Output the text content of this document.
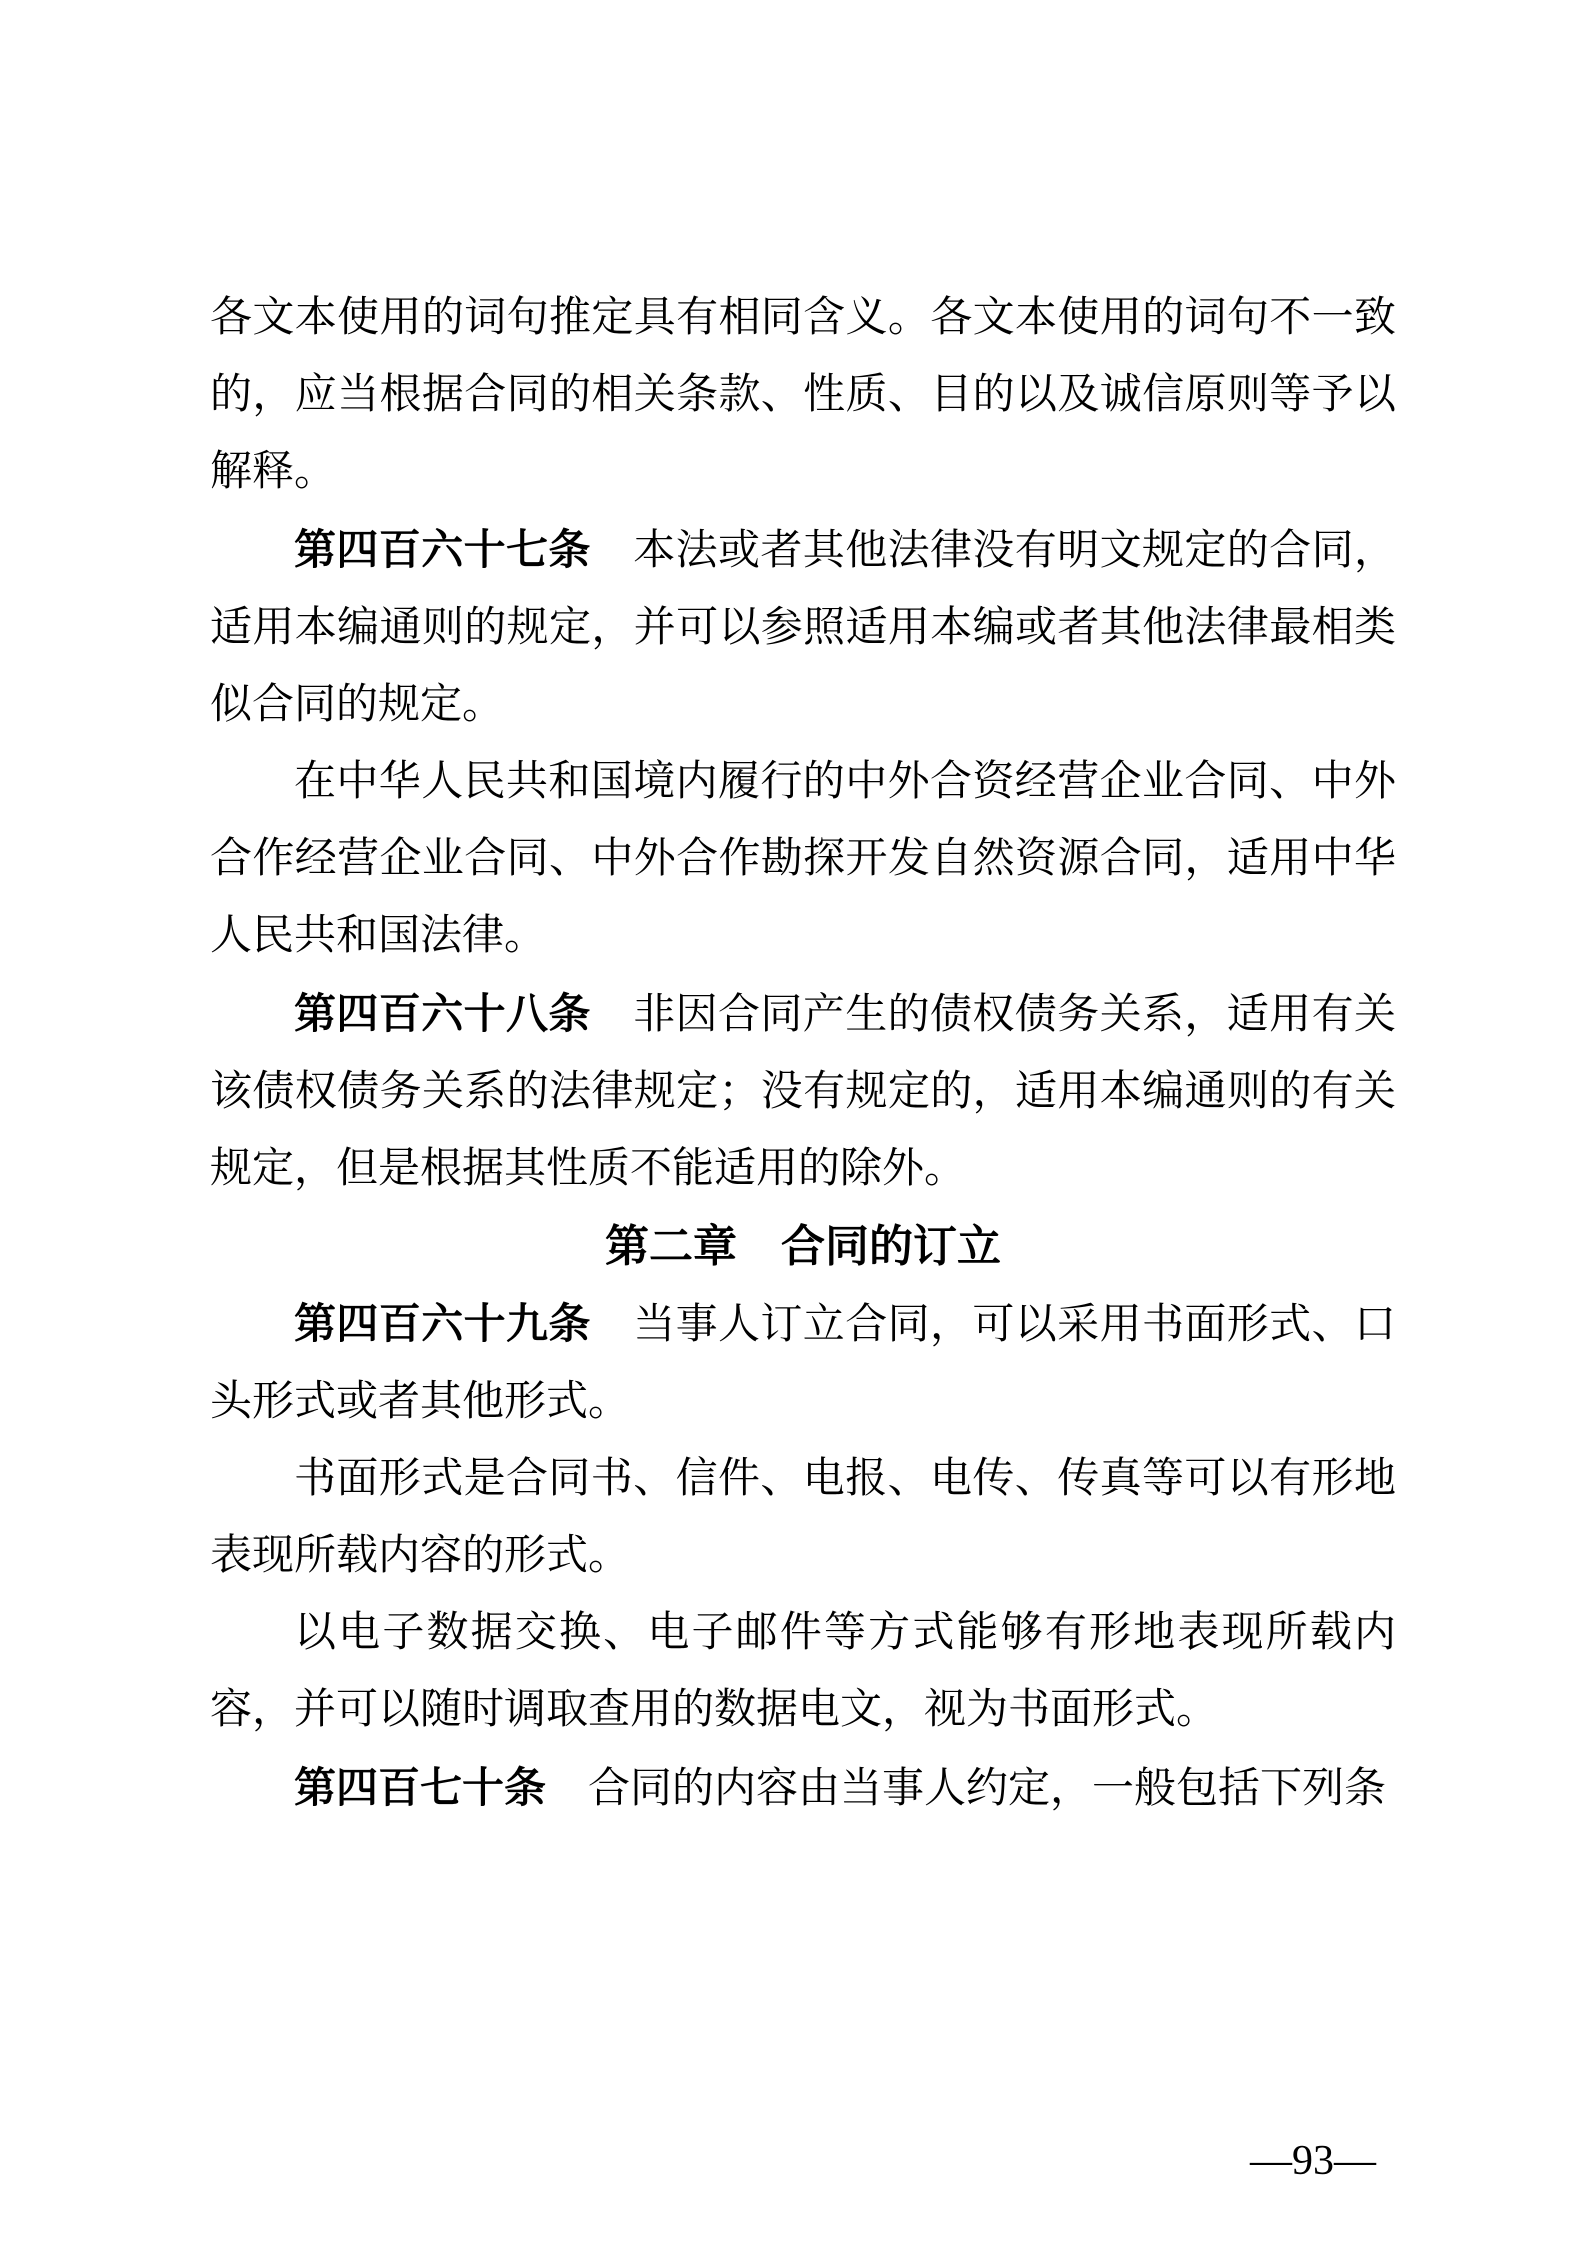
各文本使用的词句推定具有相同含义。各文本使用的词句不一致的，应当根据合同的相关条款、性质、目的以及诚信原则等予以解释。

第四百六十七条　本法或者其他法律没有明文规定的合同，适用本编通则的规定，并可以参照适用本编或者其他法律最相类似合同的规定。

在中华人民共和国境内履行的中外合资经营企业合同、中外合作经营企业合同、中外合作勘探开发自然资源合同，适用中华人民共和国法律。

第四百六十八条　非因合同产生的债权债务关系，适用有关该债权债务关系的法律规定；没有规定的，适用本编通则的有关规定，但是根据其性质不能适用的除外。

第二章　合同的订立

第四百六十九条　当事人订立合同，可以采用书面形式、口头形式或者其他形式。

书面形式是合同书、信件、电报、电传、传真等可以有形地表现所载内容的形式。

以电子数据交换、电子邮件等方式能够有形地表现所载内容，并可以随时调取查用的数据电文，视为书面形式。

第四百七十条　合同的内容由当事人约定，一般包括下列条

—93—
